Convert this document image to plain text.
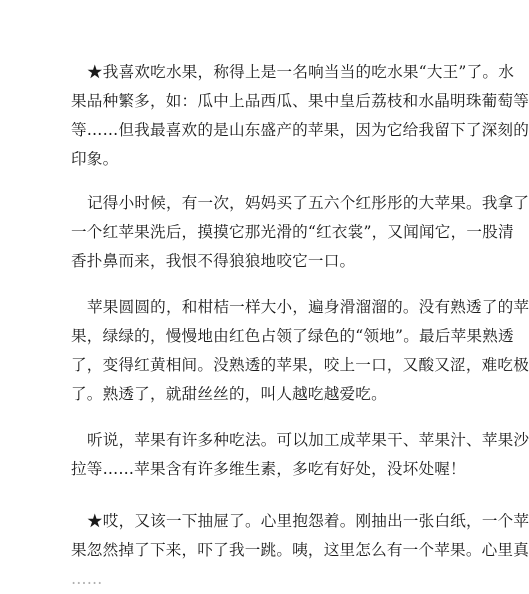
★我喜欢吃水果，称得上是一名响当当的吃水果“大王”了。水
果品种繁多，如：瓜中上品西瓜、果中皇后荔枝和水晶明珠葡萄等
等……但我最喜欢的是山东盛产的苹果，因为它给我留下了深刻的
印象。

记得小时候，有一次，妈妈买了五六个红彤彤的大苹果。我拿了
一个红苹果洗后，摸摸它那光滑的“红衣裳”，又闻闻它，一股清
香扑鼻而来，我恨不得狼狼地咬它一口。

苹果圆圆的，和柑桔一样大小，遍身滑溜溜的。没有熟透了的苹
果，绿绿的，慢慢地由红色占领了绿色的“领地”。最后苹果熟透
了，变得红黄相间。没熟透的苹果，咬上一口，又酸又涩，难吃极
了。熟透了，就甜丝丝的，叫人越吃越爱吃。

听说，苹果有许多种吃法。可以加工成苹果干、苹果汁、苹果沙
拉等……苹果含有许多维生素，多吃有好处，没坏处喔！

★哎，又该一下抽屉了。心里抱怨着。刚抽出一张白纸，一个苹
果忽然掉了下来，吓了我一跳。咦，这里怎么有一个苹果。心里真
……
